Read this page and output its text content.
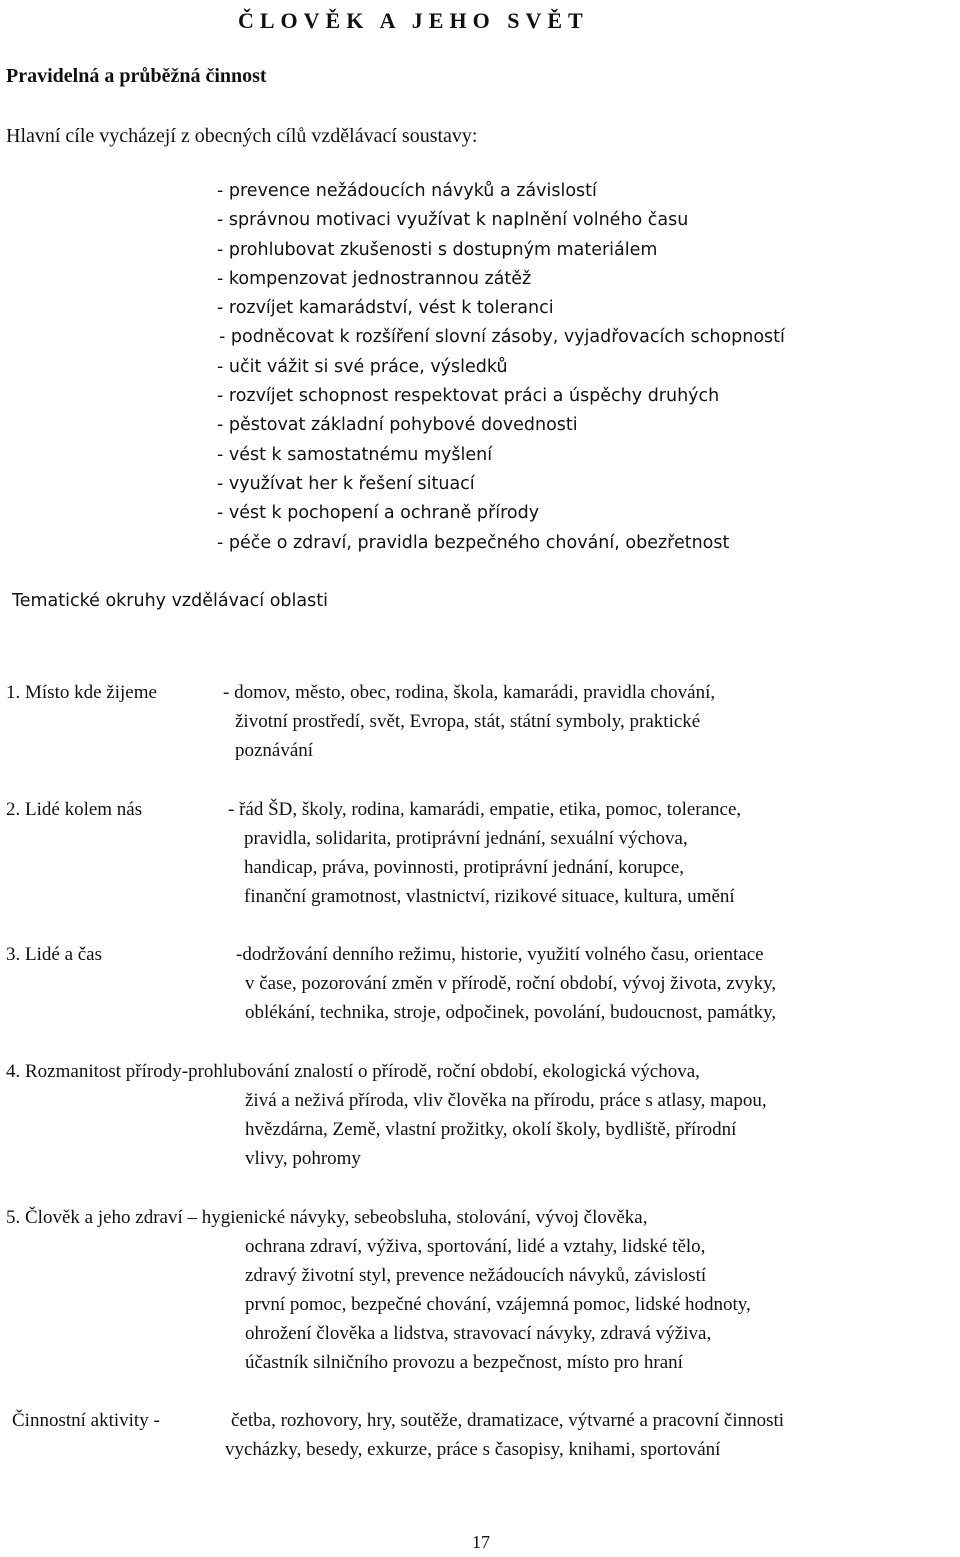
ČLOVĚK A JEHO SVĚT
Pravidelná a průběžná činnost
Hlavní cíle vycházejí z obecných cílů vzdělávací soustavy:
- prevence nežádoucích návyků a závislostí
- správnou motivaci využívat k naplnění volného času
- prohlubovat zkušenosti s dostupným materiálem
- kompenzovat jednostrannou zátěž
- rozvíjet kamarádství, vést k toleranci
- podněcovat k rozšíření slovní zásoby, vyjadřovacích schopností
- učit vážit si své práce, výsledků
- rozvíjet schopnost respektovat práci a úspěchy druhých
- pěstovat základní pohybové dovednosti
- vést k samostatnému myšlení
- využívat her k řešení situací
- vést k pochopení a ochraně přírody
- péče o zdraví, pravidla bezpečného chování, obezřetnost
Tematické okruhy vzdělávací oblasti
1. Místo kde žijeme	- domov, město, obec, rodina, škola, kamarádi, pravidla chování,
životní prostředí, svět, Evropa, stát, státní symboly, praktické
poznávání
2. Lidé kolem nás	- řád ŠD, školy, rodina, kamarádi, empatie, etika, pomoc, tolerance,
pravidla, solidarita, protiprávní jednání, sexuální výchova,
handicap, práva, povinnosti, protiprávní jednání, korupce,
finanční gramotnost, vlastnictví, rizikové situace, kultura, umění
3. Lidé a čas	-dodržování denního režimu, historie, využití volného času, orientace
v čase, pozorování změn v přírodě, roční období, vývoj života, zvyky,
oblékání, technika, stroje, odpočinek, povolání, budoucnost, památky,
4. Rozmanitost přírody-prohlubování znalostí o přírodě, roční období, ekologická výchova,
živá a neživá příroda, vliv člověka na přírodu, práce s atlasy, mapou,
hvězdárna, Země, vlastní prožitky, okolí školy, bydliště, přírodní
vlivy, pohromy
5. Člověk a jeho zdraví – hygienické návyky, sebeobsluha, stolování, vývoj člověka,
ochrana zdraví, výživa, sportování, lidé a vztahy, lidské tělo,
zdravý životní styl, prevence nežádoucích návyků, závislostí
první pomoc, bezpečné chování, vzájemná pomoc, lidské hodnoty,
ohrožení člověka a lidstva, stravovací návyky, zdravá výživa,
účastník silničního provozu a bezpečnost, místo pro hraní
Činnostní aktivity -	četba, rozhovory, hry, soutěže, dramatizace, výtvarné a pracovní činnosti
vycházky, besedy, exkurze, práce s časopisy, knihami, sportování
17
